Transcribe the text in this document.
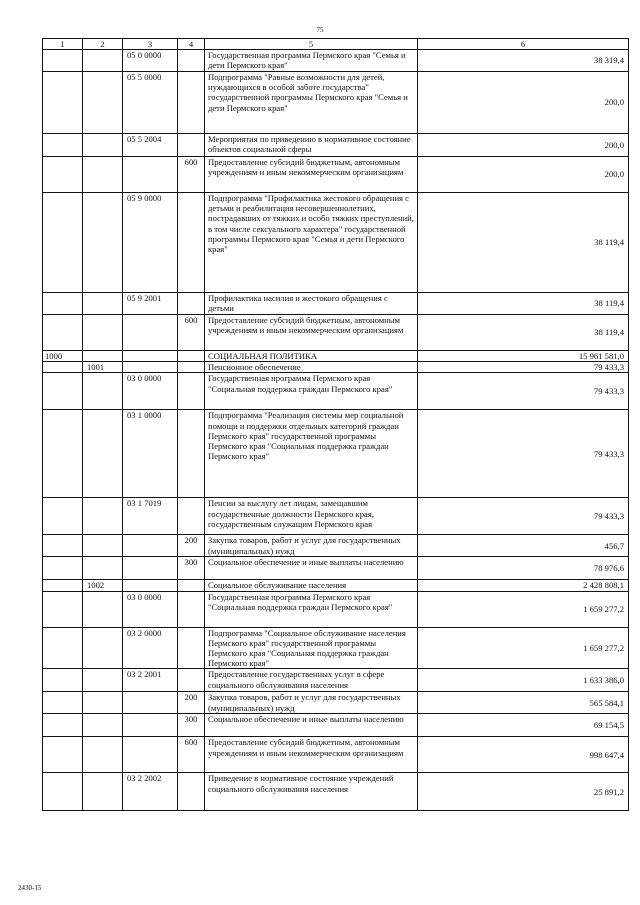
75
1	2	3	4	5	6
		05 0 0000		Государственная программа Пермского края "Семья и дети Пермского края"	38 319,4
		05 5 0000		Подпрограмма "Равные возможности для детей, нуждающихся в особой заботе государства" государственной программы Пермского края "Семья и дети Пермского края"	200,0
		05 5 2004		Мероприятия по приведению в нормативное состояние объектов социальной сферы	200,0
			600	Предоставление субсидий бюджетным, автономным учреждениям и иным некоммерческим организациям	200,0
		05 9 0000		Подпрограмма "Профилактика жестокого обращения с детьми и реабилитация несовершеннолетних, пострадавших от тяжких и особо тяжких преступлений, в том числе сексуального характера" государственной программы Пермского края "Семья и дети Пермского края"	38 119,4
		05 9 2001		Профилактика насилия и жестокого обращения с детьми	38 119,4
			600	Предоставление субсидий бюджетным, автономным учреждениям и иным некоммерческим организациям	38 119,4
1000				СОЦИАЛЬНАЯ ПОЛИТИКА	15 961 581,0
	1001			Пенсионное обеспечение	79 433,3
		03 0 0000		Государственная программа Пермского края "Социальная поддержка граждан Пермского края"	79 433,3
		03 1 0000		Подпрограмма "Реализация системы мер социальной помощи и поддержки отдельных категорий граждан Пермского края" государственной программы Пермского края "Социальная поддержка граждан Пермского края"	79 433,3
		03 1 7019		Пенсии за выслугу лет лицам, замещавшим государственные должности Пермского края, государственным служащим Пермского края	79 433,3
			200	Закупка товаров, работ и услуг для государственных (муниципальных) нужд	456,7
			300	Социальное обеспечение и иные выплаты населению	78 976,6
	1002			Социальное обслуживание населения	2 428 808,1
		03 0 0000		Государственная программа Пермского края "Социальная поддержка граждан Пермского края"	1 659 277,2
		03 2 0000		Подпрограмма "Социальное обслуживание населения Пермского края" государственной программы Пермского края "Социальная поддержка граждан Пермского края"	1 659 277,2
		03 2 2001		Предоставление государственных услуг в сфере социального обслуживания населения	1 633 386,0
			200	Закупка товаров, работ и услуг для государственных (муниципальных) нужд	565 584,1
			300	Социальное обеспечение и иные выплаты населению	69 154,5
			600	Предоставление субсидий бюджетным, автономным учреждениям и иным некоммерческим организациям	998 647,4
		03 2 2002		Приведение в нормативное состояние учреждений социального обслуживания населения	25 891,2
2430-15
